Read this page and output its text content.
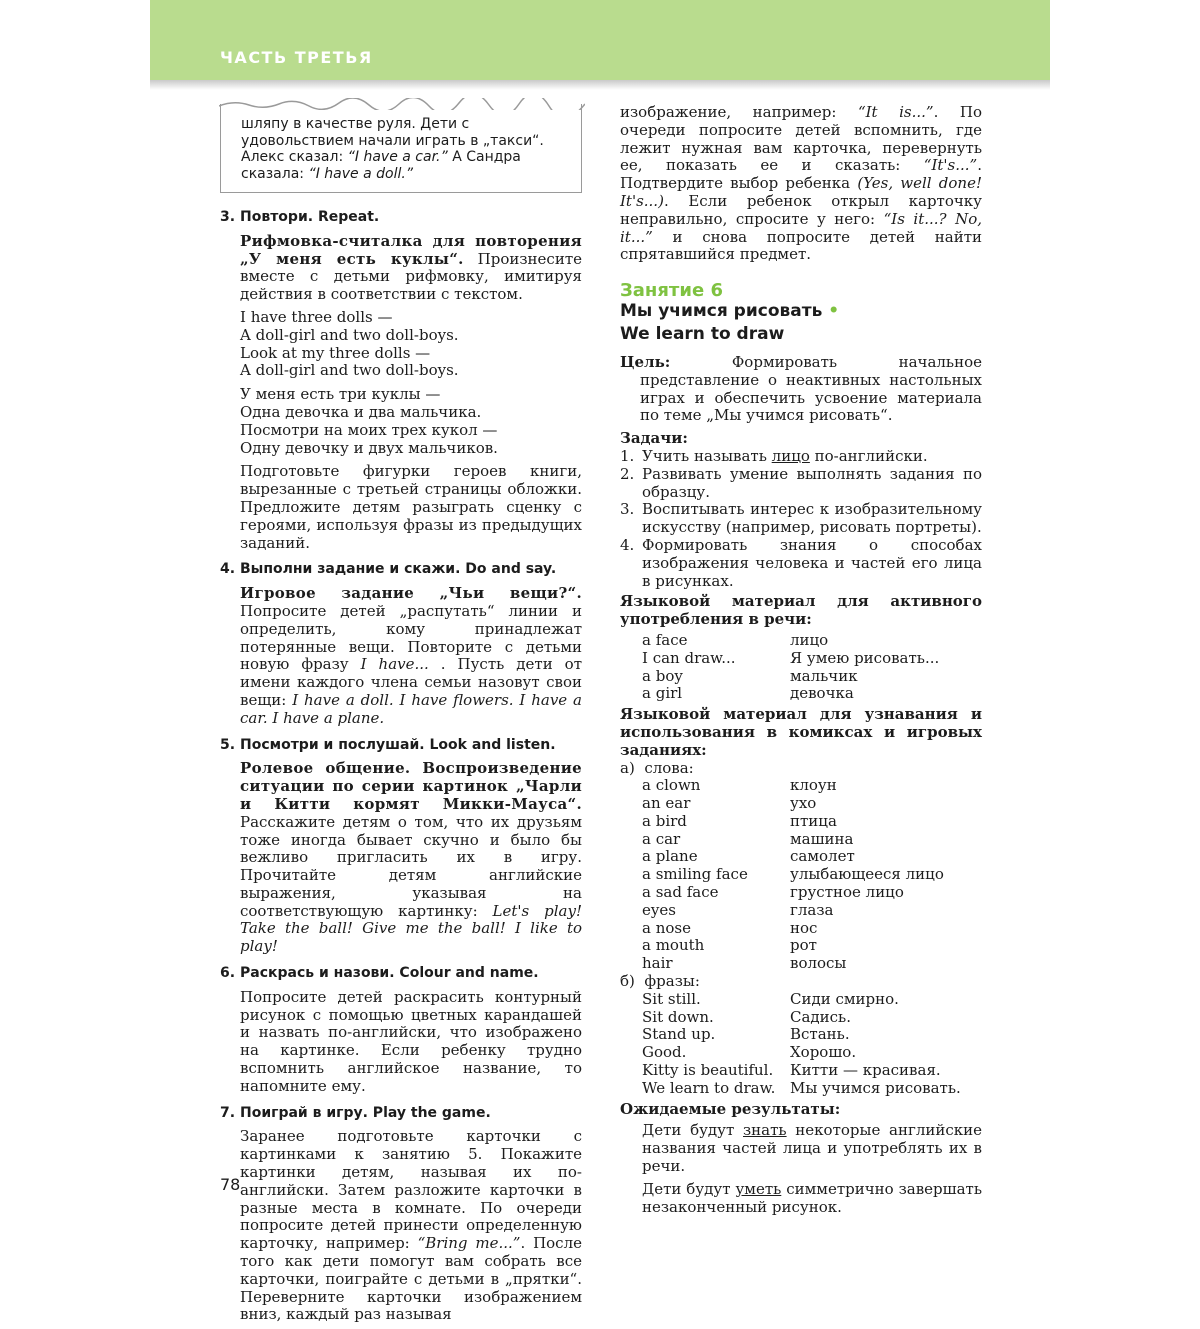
ЧАСТЬ ТРЕТЬЯ
шляпу в качестве руля. Дети с удовольствием начали играть в „такси“. Алекс сказал: “I have a car.” А Сандра сказала: “I have a doll.”
3. Повтори. Repeat.

Рифмовка-считалка для повторения „У меня есть куклы“. Произнесите вместе с детьми рифмовку, имитируя действия в соответствии с текстом.

I have three dolls —
A doll-girl and two doll-boys.
Look at my three dolls —
A doll-girl and two doll-boys.
У меня есть три куклы —
Одна девочка и два мальчика.
Посмотри на моих трех кукол —
Одну девочку и двух мальчиков.

Подготовьте фигурки героев книги, вырезанные с третьей страницы обложки. Предложите детям разыграть сценку с героями, используя фразы из предыдущих заданий.

4. Выполни задание и скажи. Do and say.

Игровое задание „Чьи вещи?“. Попросите детей „распутать“ линии и определить, кому принадлежат потерянные вещи. Повторите с детьми новую фразу I have... . Пусть дети от имени каждого члена семьи назовут свои вещи: I have a doll. I have flowers. I have a car. I have a plane.

5. Посмотри и послушай. Look and listen.

Ролевое общение. Воспроизведение ситуации по серии картинок „Чарли и Китти кормят Микки-Мауса“. Расскажите детям о том, что их друзьям тоже иногда бывает скучно и было бы вежливо пригласить их в игру. Прочитайте детям английские выражения, указывая на соответствующую картинку: Let's play! Take the ball! Give me the ball! I like to play!

6. Раскрась и назови. Colour and name.

Попросите детей раскрасить контурный рисунок с помощью цветных карандашей и назвать по-английски, что изображено на картинке. Если ребенку трудно вспомнить английское название, то напомните ему.

7. Поиграй в игру. Play the game.

Заранее подготовьте карточки с картинками к занятию 5. Покажите картинки детям, называя их по-английски. Затем разложите карточки в разные места в комнате. По очереди попросите детей принести определенную карточку, например: “Bring me...”. После того как дети помогут вам собрать все карточки, поиграйте с детьми в „прятки“. Переверните карточки изображением вниз, каждый раз называя

изображение, например: “It is...”. По очереди попросите детей вспомнить, где лежит нужная вам карточка, перевернуть ее, показать ее и сказать: “It's...”. Подтвердите выбор ребенка (Yes, well done! It's...). Если ребенок открыл карточку неправильно, спросите у него: “Is it...? No, it...” и снова попросите детей найти спрятавшийся предмет.

Занятие 6
Мы учимся рисовать •
We learn to draw

Цель: Формировать начальное представление о неактивных настольных играх и обеспечить усвоение материала по теме „Мы учимся рисовать“.

Задачи:
1. Учить называть лицо по-английски.
2. Развивать умение выполнять задания по образцу.
3. Воспитывать интерес к изобразительному искусству (например, рисовать портреты).
4. Формировать знания о способах изображения человека и частей его лица в рисунках.

Языковой материал для активного употребления в речи:

a face	лицо
I can draw...	Я умею рисовать...
a boy	мальчик
a girl	девочка

Языковой материал для узнавания и использования в комиксах и игровых заданиях:

а)  слова:
a clown	клоун
an ear	ухо
a bird	птица
a car	машина
a plane	самолет
a smiling face	улыбающееся лицо
a sad face	грустное лицо
eyes	глаза
a nose	нос
a mouth	рот
hair	волосы
б)  фразы:
Sit still.	Сиди смирно.
Sit down.	Садись.
Stand up.	Встань.
Good.	Хорошо.
Kitty is beautiful.	Китти — красивая.
We learn to draw. Мы учимся рисовать.
Ожидаемые результаты:

Дети будут знать некоторые английские названия частей лица и употреблять их в речи.

Дети будут уметь симметрично завершать незаконченный рисунок.

78
